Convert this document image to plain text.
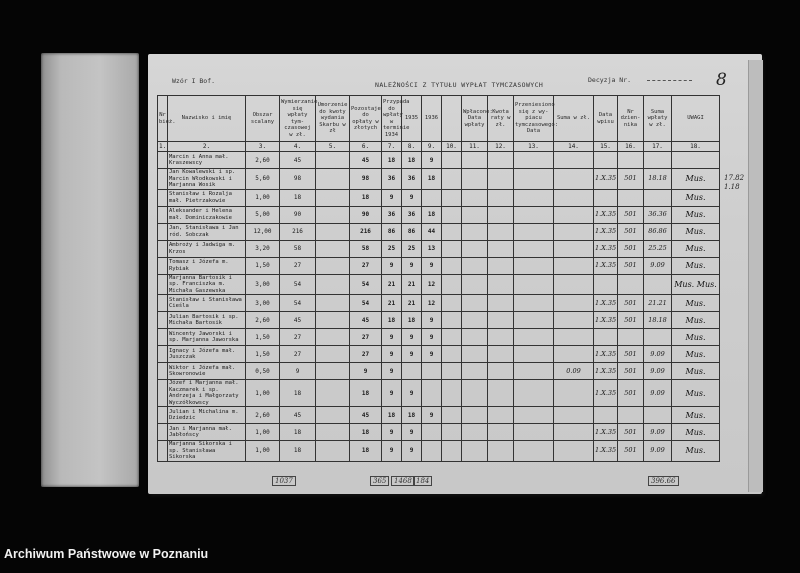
Wzór I Bof.	NALEŻNOŚCI Z TYTUŁU WYPŁAT TYMCZASOWYCH
Decyzja Nr.	8
Nr bież.	Nazwisko i imię	Obszar scalany	Wymierzanie się wpłaty tym- czasowej w zł.	Umorzenie do kwoty wydania Skarbu w zł	Pozostaje do opłaty w złotych	Przypada do wpłaty w terminie 1934	1935	1936		Wpłacono: Data wpłaty	Kwota raty w zł.	Przeniesiono się z wy- piacu tymczasowego: Data	Suma w zł.	Data wpisu	Nr dzien- nika	Suma wpłaty w zł.	UWAGI
1.	2.	3.	4.	5.	6.	7.	8.	9.	10.	11.	12.	13.	14.	15.	16.	17.	18.
	Marcin i Anna mał. Kraszewscy	2,60	45		45	18	18	9									
	Jan Kowalewski i sp. Marcin Włodkowski i Marjanna Wosik	5,60	98		98	36	36	18						1.X.35	501	18.18	Mus.
	Stanisław i Rozalja mał. Pietrzakowie	1,00	18		18	9	9										Mus.
	Aleksander i Helena mał. Dominiczakowie	5,00	90		90	36	36	18						1.X.35	501	36.36	Mus.
	Jan, Stanisława i Jan ród. Sobczak	12,00	216		216	86	86	44						1.X.35	501	86.86	Mus.
	Ambroży i Jadwiga m. Krzos	3,20	58		58	25	25	13						1.X.35	501	25.25	Mus.
	Tomasz i Józefa m. Rybiak	1,50	27		27	9	9	9						1.X.35	501	9.09	Mus.
	Marjanna Bartosik i sp. Franciszka m. Michała Gaszewska	3,00	54		54	21	21	12									Mus. Mus.
	Stanisław i Stanisława Cieśla	3,00	54		54	21	21	12						1.X.35	501	21.21	Mus.
	Julian Bartosik i sp. Michała Bartosik	2,60	45		45	18	18	9						1.X.35	501	18.18	Mus.
	Wincenty Jaworski i sp. Marjanna Jaworska	1,50	27		27	9	9	9									Mus.
	Ignacy i Józefa mał. Juszczak	1,50	27		27	9	9	9						1.X.35	501	9.09	Mus.
	Wiktor i Józefa mał. Skowronowie	0,50	9		9	9							0.09	1.X.35	501	9.09	Mus.
	Józef i Marjanna mał. Kaczmarek i sp. Andrzeja i Małgorzaty Wyczółkowscy	1,00	18		18	9	9							1.X.35	501	9.09	Mus.
	Julian i Michalina m. Dziedzic	2,60	45		45	18	18	9									Mus.
	Jan i Marjanna mał. Jabłońscy	1,00	18		18	9	9							1.X.35	501	9.09	Mus.
	Marjanna Sikorska i sp. Stanisława Sikorska	1,00	18		18	9	9							1.X.35	501	9.09	Mus.
1037	365	1468 184	396.66
17.82
1.18
Archiwum Państwowe w Poznaniu
